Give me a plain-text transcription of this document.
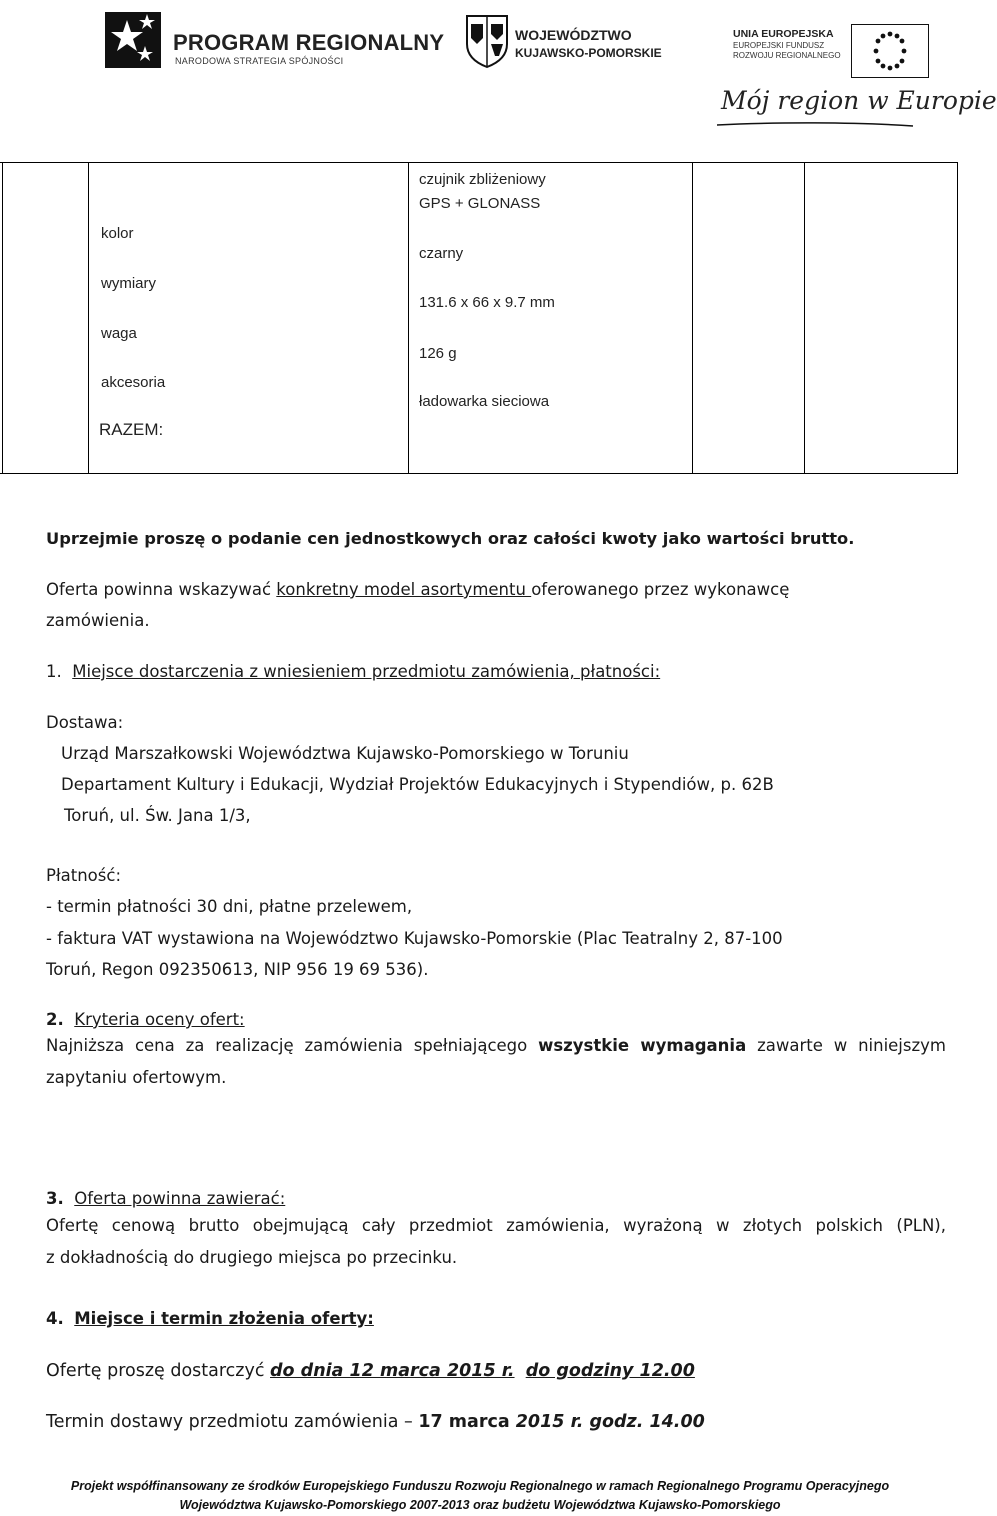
PROGRAM REGIONALNY
NARODOWA STRATEGIA SPÓJNOŚCI
WOJEWÓDZTWO
KUJAWSKO-POMORSKIE
UNIA EUROPEJSKA
EUROPEJSKI FUNDUSZ
ROZWOJU REGIONALNEGO
Mój region w Europie
kolor
wymiary
waga
akcesoria
RAZEM:
czujnik zbliżeniowy
GPS + GLONASS
czarny
131.6 x 66 x 9.7 mm
126 g
ładowarka sieciowa
Uprzejmie proszę o podanie cen jednostkowych oraz całości kwoty jako wartości brutto.
Oferta powinna wskazywać konkretny model asortymentu oferowanego przez wykonawcę
zamówienia.
1. Miejsce dostarczenia z wniesieniem przedmiotu zamówienia, płatności:
Dostawa:
Urząd Marszałkowski Województwa Kujawsko-Pomorskiego w Toruniu
Departament Kultury i Edukacji, Wydział Projektów Edukacyjnych i Stypendiów, p. 62B
Toruń, ul. Św. Jana 1/3,
Płatność:
- termin płatności 30 dni, płatne przelewem,
- faktura VAT wystawiona na Województwo Kujawsko-Pomorskie (Plac Teatralny 2, 87-100
Toruń, Regon 092350613, NIP 956 19 69 536).
2. Kryteria oceny ofert:
Najniższa cena za realizację zamówienia spełniającego wszystkie wymagania zawarte w niniejszym
zapytaniu ofertowym.
3. Oferta powinna zawierać:
Ofertę cenową brutto obejmującą cały przedmiot zamówienia, wyrażoną w złotych polskich (PLN),
z dokładnością do drugiego miejsca po przecinku.
4. Miejsce i termin złożenia oferty:
Ofertę proszę dostarczyć do dnia 12 marca 2015 r. do godziny 12.00
Termin dostawy przedmiotu zamówienia – 17 marca 2015 r. godz. 14.00
Projekt współfinansowany ze środków Europejskiego Funduszu Rozwoju Regionalnego w ramach Regionalnego Programu Operacyjnego
Województwa Kujawsko-Pomorskiego 2007-2013 oraz budżetu Województwa Kujawsko-Pomorskiego
